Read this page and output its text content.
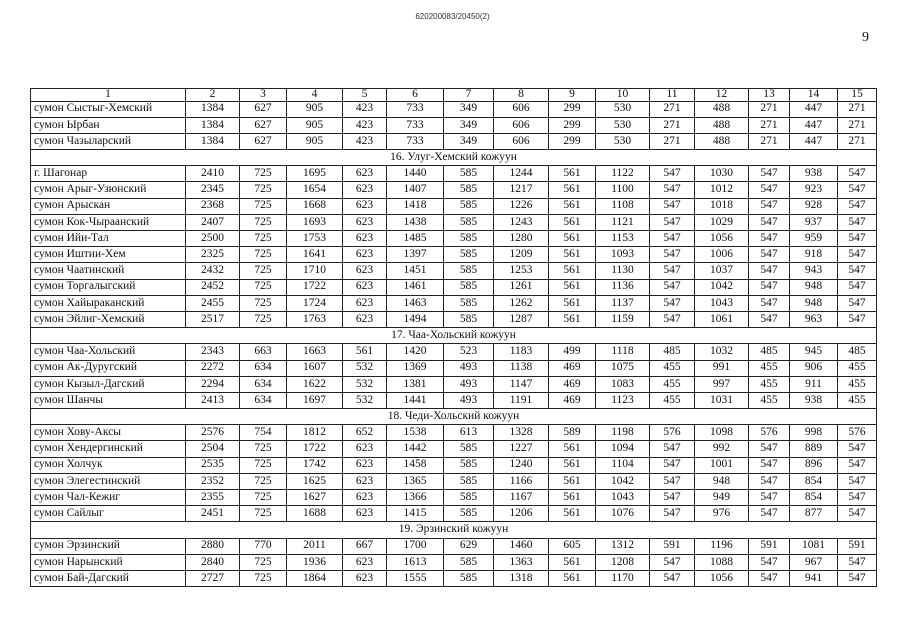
620200083/20450(2)
9
1	2	3	4	5	6	7	8	9	10	11	12	13	14	15
сумон Сыстыг-Хемский	1384	627	905	423	733	349	606	299	530	271	488	271	447	271
сумон Ырбан	1384	627	905	423	733	349	606	299	530	271	488	271	447	271
сумон Чазыларский	1384	627	905	423	733	349	606	299	530	271	488	271	447	271
16. Улуг-Хемский кожуун														
г. Шагонар	2410	725	1695	623	1440	585	1244	561	1122	547	1030	547	938	547
сумон Арыг-Узюнский	2345	725	1654	623	1407	585	1217	561	1100	547	1012	547	923	547
сумон Арыскан	2368	725	1668	623	1418	585	1226	561	1108	547	1018	547	928	547
сумон Кок-Чыраанский	2407	725	1693	623	1438	585	1243	561	1121	547	1029	547	937	547
сумон Ийи-Тал	2500	725	1753	623	1485	585	1280	561	1153	547	1056	547	959	547
сумон Иштии-Хем	2325	725	1641	623	1397	585	1209	561	1093	547	1006	547	918	547
сумон Чаатинский	2432	725	1710	623	1451	585	1253	561	1130	547	1037	547	943	547
сумон Торгалыгский	2452	725	1722	623	1461	585	1261	561	1136	547	1042	547	948	547
сумон Хайыраканский	2455	725	1724	623	1463	585	1262	561	1137	547	1043	547	948	547
сумон Эйлиг-Хемский	2517	725	1763	623	1494	585	1287	561	1159	547	1061	547	963	547
17. Чаа-Хольский кожуун														
сумон Чаа-Хольский	2343	663	1663	561	1420	523	1183	499	1118	485	1032	485	945	485
сумон Ак-Дуругский	2272	634	1607	532	1369	493	1138	469	1075	455	991	455	906	455
сумон Кызыл-Дагский	2294	634	1622	532	1381	493	1147	469	1083	455	997	455	911	455
сумон Шанчы	2413	634	1697	532	1441	493	1191	469	1123	455	1031	455	938	455
18. Чеди-Хольский кожуун														
сумон Хову-Аксы	2576	754	1812	652	1538	613	1328	589	1198	576	1098	576	998	576
сумон Хендергинский	2504	725	1722	623	1442	585	1227	561	1094	547	992	547	889	547
сумон Холчук	2535	725	1742	623	1458	585	1240	561	1104	547	1001	547	896	547
сумон Элегестинский	2352	725	1625	623	1365	585	1166	561	1042	547	948	547	854	547
сумон Чал-Кежиг	2355	725	1627	623	1366	585	1167	561	1043	547	949	547	854	547
сумон Сайлыг	2451	725	1688	623	1415	585	1206	561	1076	547	976	547	877	547
19. Эрзинский кожуун														
сумон Эрзинский	2880	770	2011	667	1700	629	1460	605	1312	591	1196	591	1081	591
сумон Нарынский	2840	725	1936	623	1613	585	1363	561	1208	547	1088	547	967	547
сумон Бай-Дагский	2727	725	1864	623	1555	585	1318	561	1170	547	1056	547	941	547
